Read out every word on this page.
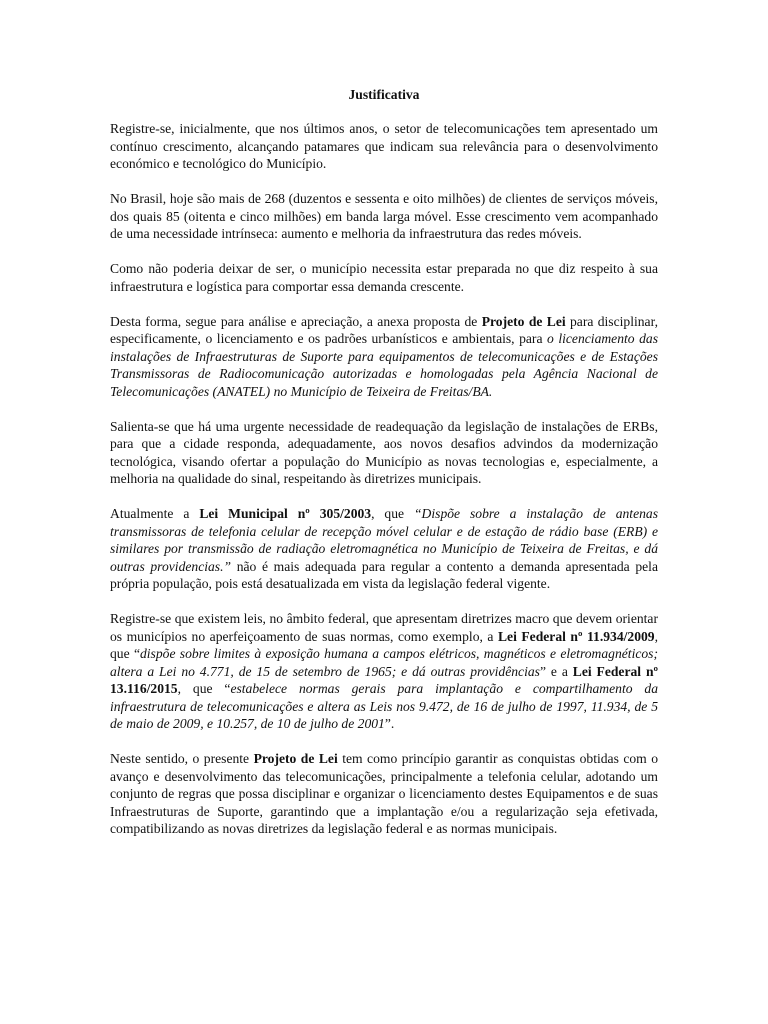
Justificativa

Registre-se, inicialmente, que nos últimos anos, o setor de telecomunicações tem apresentado um contínuo crescimento, alcançando patamares que indicam sua relevância para o desenvolvimento económico e tecnológico do Município.

No Brasil, hoje são mais de 268 (duzentos e sessenta e oito milhões) de clientes de serviços móveis, dos quais 85 (oitenta e cinco milhões) em banda larga móvel. Esse crescimento vem acompanhado de uma necessidade intrínseca: aumento e melhoria da infraestrutura das redes móveis.

Como não poderia deixar de ser, o município necessita estar preparada no que diz respeito à sua infraestrutura e logística para comportar essa demanda crescente.

Desta forma, segue para análise e apreciação, a anexa proposta de Projeto de Lei para disciplinar, especificamente, o licenciamento e os padrões urbanísticos e ambientais, para o licenciamento das instalações de Infraestruturas de Suporte para equipamentos de telecomunicações e de Estações Transmissoras de Radiocomunicação autorizadas e homologadas pela Agência Nacional de Telecomunicações (ANATEL) no Município de Teixeira de Freitas/BA.

Salienta-se que há uma urgente necessidade de readequação da legislação de instalações de ERBs, para que a cidade responda, adequadamente, aos novos desafios advindos da modernização tecnológica, visando ofertar a população do Município as novas tecnologias e, especialmente, a melhoria na qualidade do sinal, respeitando às diretrizes municipais.

Atualmente a Lei Municipal nº 305/2003, que “Dispõe sobre a instalação de antenas transmissoras de telefonia celular de recepção móvel celular e de estação de rádio base (ERB) e similares por transmissão de radiação eletromagnética no Município de Teixeira de Freitas, e dá outras providencias.” não é mais adequada para regular a contento a demanda apresentada pela própria população, pois está desatualizada em vista da legislação federal vigente.

Registre-se que existem leis, no âmbito federal, que apresentam diretrizes macro que devem orientar os municípios no aperfeiçoamento de suas normas, como exemplo, a Lei Federal nº 11.934/2009, que “dispõe sobre limites à exposição humana a campos elétricos, magnéticos e eletromagnéticos; altera a Lei no 4.771, de 15 de setembro de 1965; e dá outras providências” e a Lei Federal nº 13.116/2015, que “estabelece normas gerais para implantação e compartilhamento da infraestrutura de telecomunicações e altera as Leis nos 9.472, de 16 de julho de 1997, 11.934, de 5 de maio de 2009, e 10.257, de 10 de julho de 2001”.

Neste sentido, o presente Projeto de Lei tem como princípio garantir as conquistas obtidas com o avanço e desenvolvimento das telecomunicações, principalmente a telefonia celular, adotando um conjunto de regras que possa disciplinar e organizar o licenciamento destes Equipamentos e de suas Infraestruturas de Suporte, garantindo que a implantação e/ou a regularização seja efetivada, compatibilizando as novas diretrizes da legislação federal e as normas municipais.
